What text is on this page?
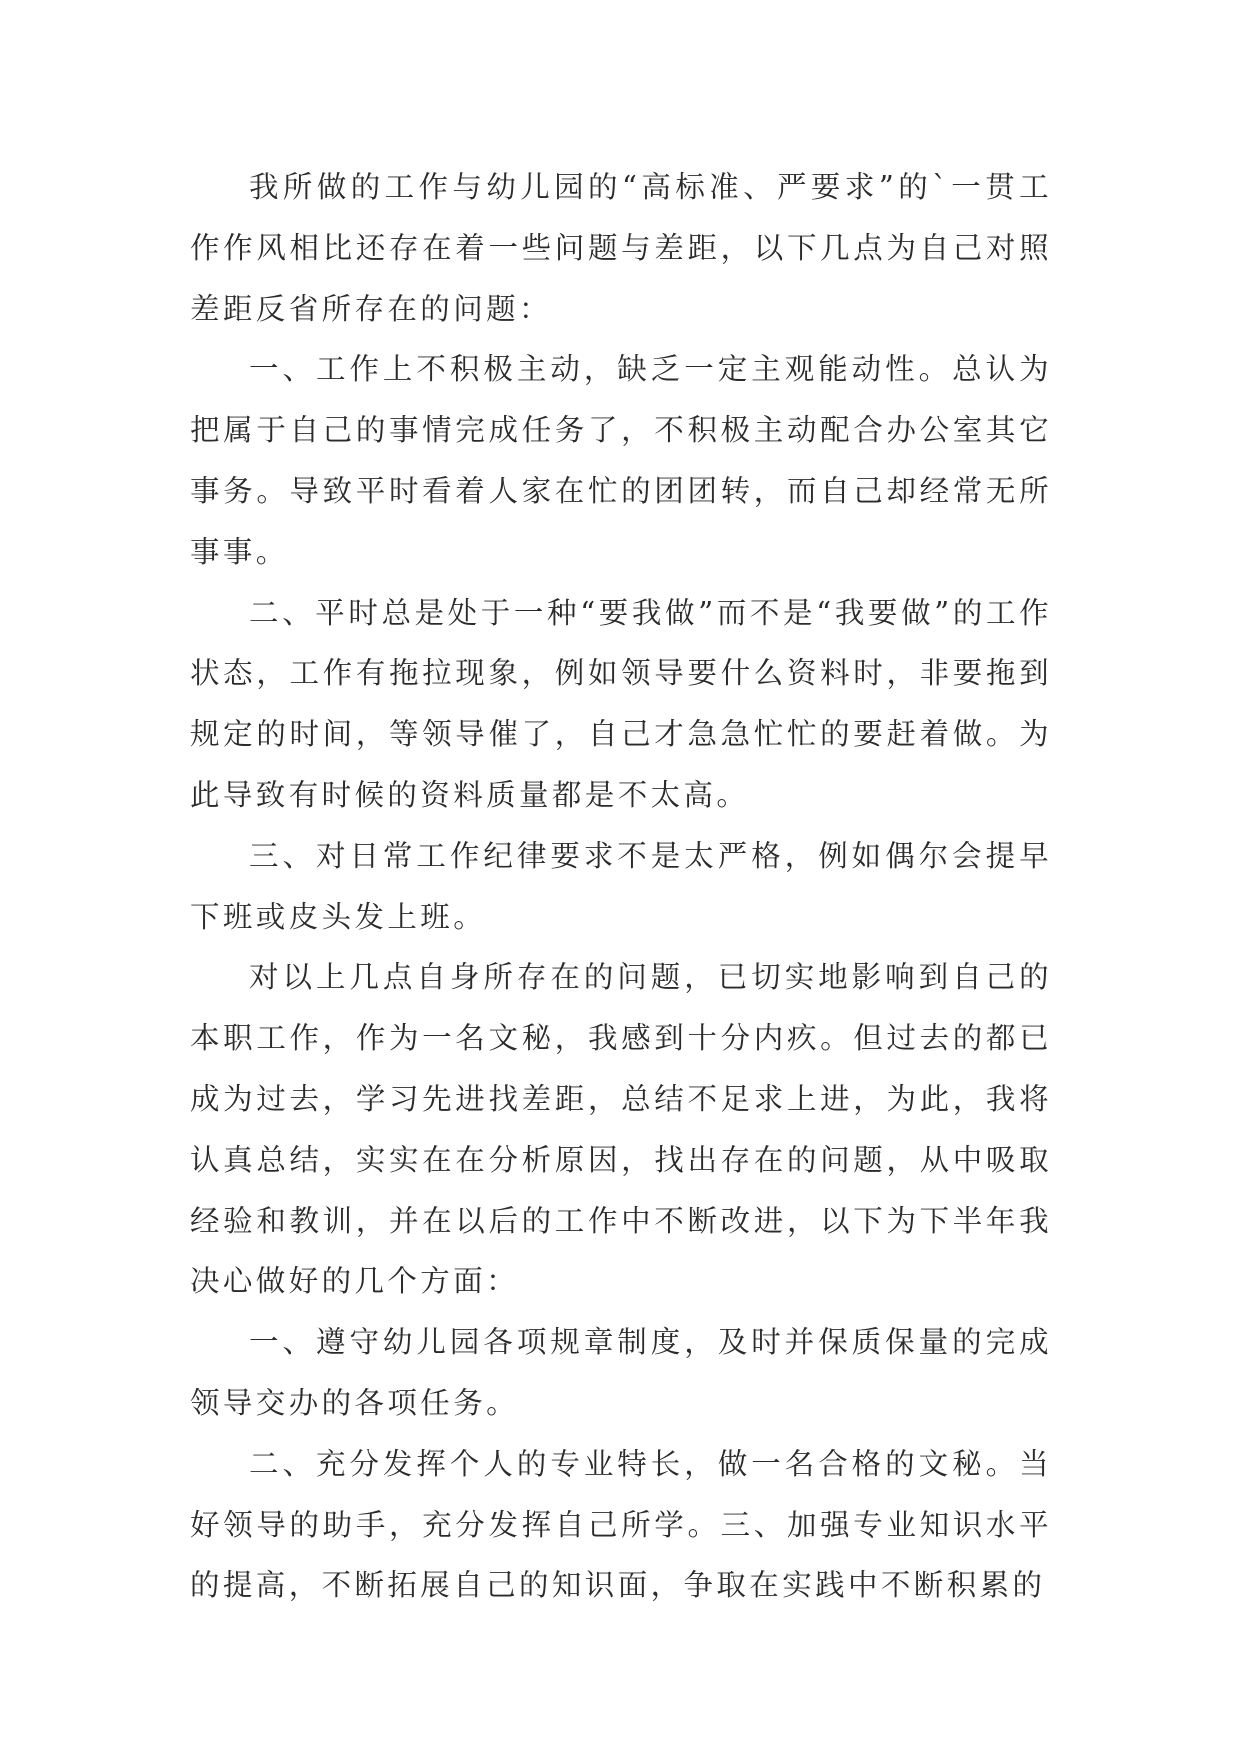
我所做的工作与幼儿园的“高标准、严要求”的`一贯工作作风相比还存在着一些问题与差距，以下几点为自己对照差距反省所存在的问题：

一、工作上不积极主动，缺乏一定主观能动性。总认为把属于自己的事情完成任务了，不积极主动配合办公室其它事务。导致平时看着人家在忙的团团转，而自己却经常无所事事。

二、平时总是处于一种“要我做”而不是“我要做”的工作状态，工作有拖拉现象，例如领导要什么资料时，非要拖到规定的时间，等领导催了，自己才急急忙忙的要赶着做。为此导致有时候的资料质量都是不太高。

三、对日常工作纪律要求不是太严格，例如偶尔会提早下班或皮头发上班。

对以上几点自身所存在的问题，已切实地影响到自己的本职工作，作为一名文秘，我感到十分内疚。但过去的都已成为过去，学习先进找差距，总结不足求上进，为此，我将认真总结，实实在在分析原因，找出存在的问题，从中吸取经验和教训，并在以后的工作中不断改进，以下为下半年我决心做好的几个方面：

一、遵守幼儿园各项规章制度，及时并保质保量的完成领导交办的各项任务。

二、充分发挥个人的专业特长，做一名合格的文秘。当好领导的助手，充分发挥自己所学。三、加强专业知识水平的提高，不断拓展自己的知识面，争取在实践中不断积累的
